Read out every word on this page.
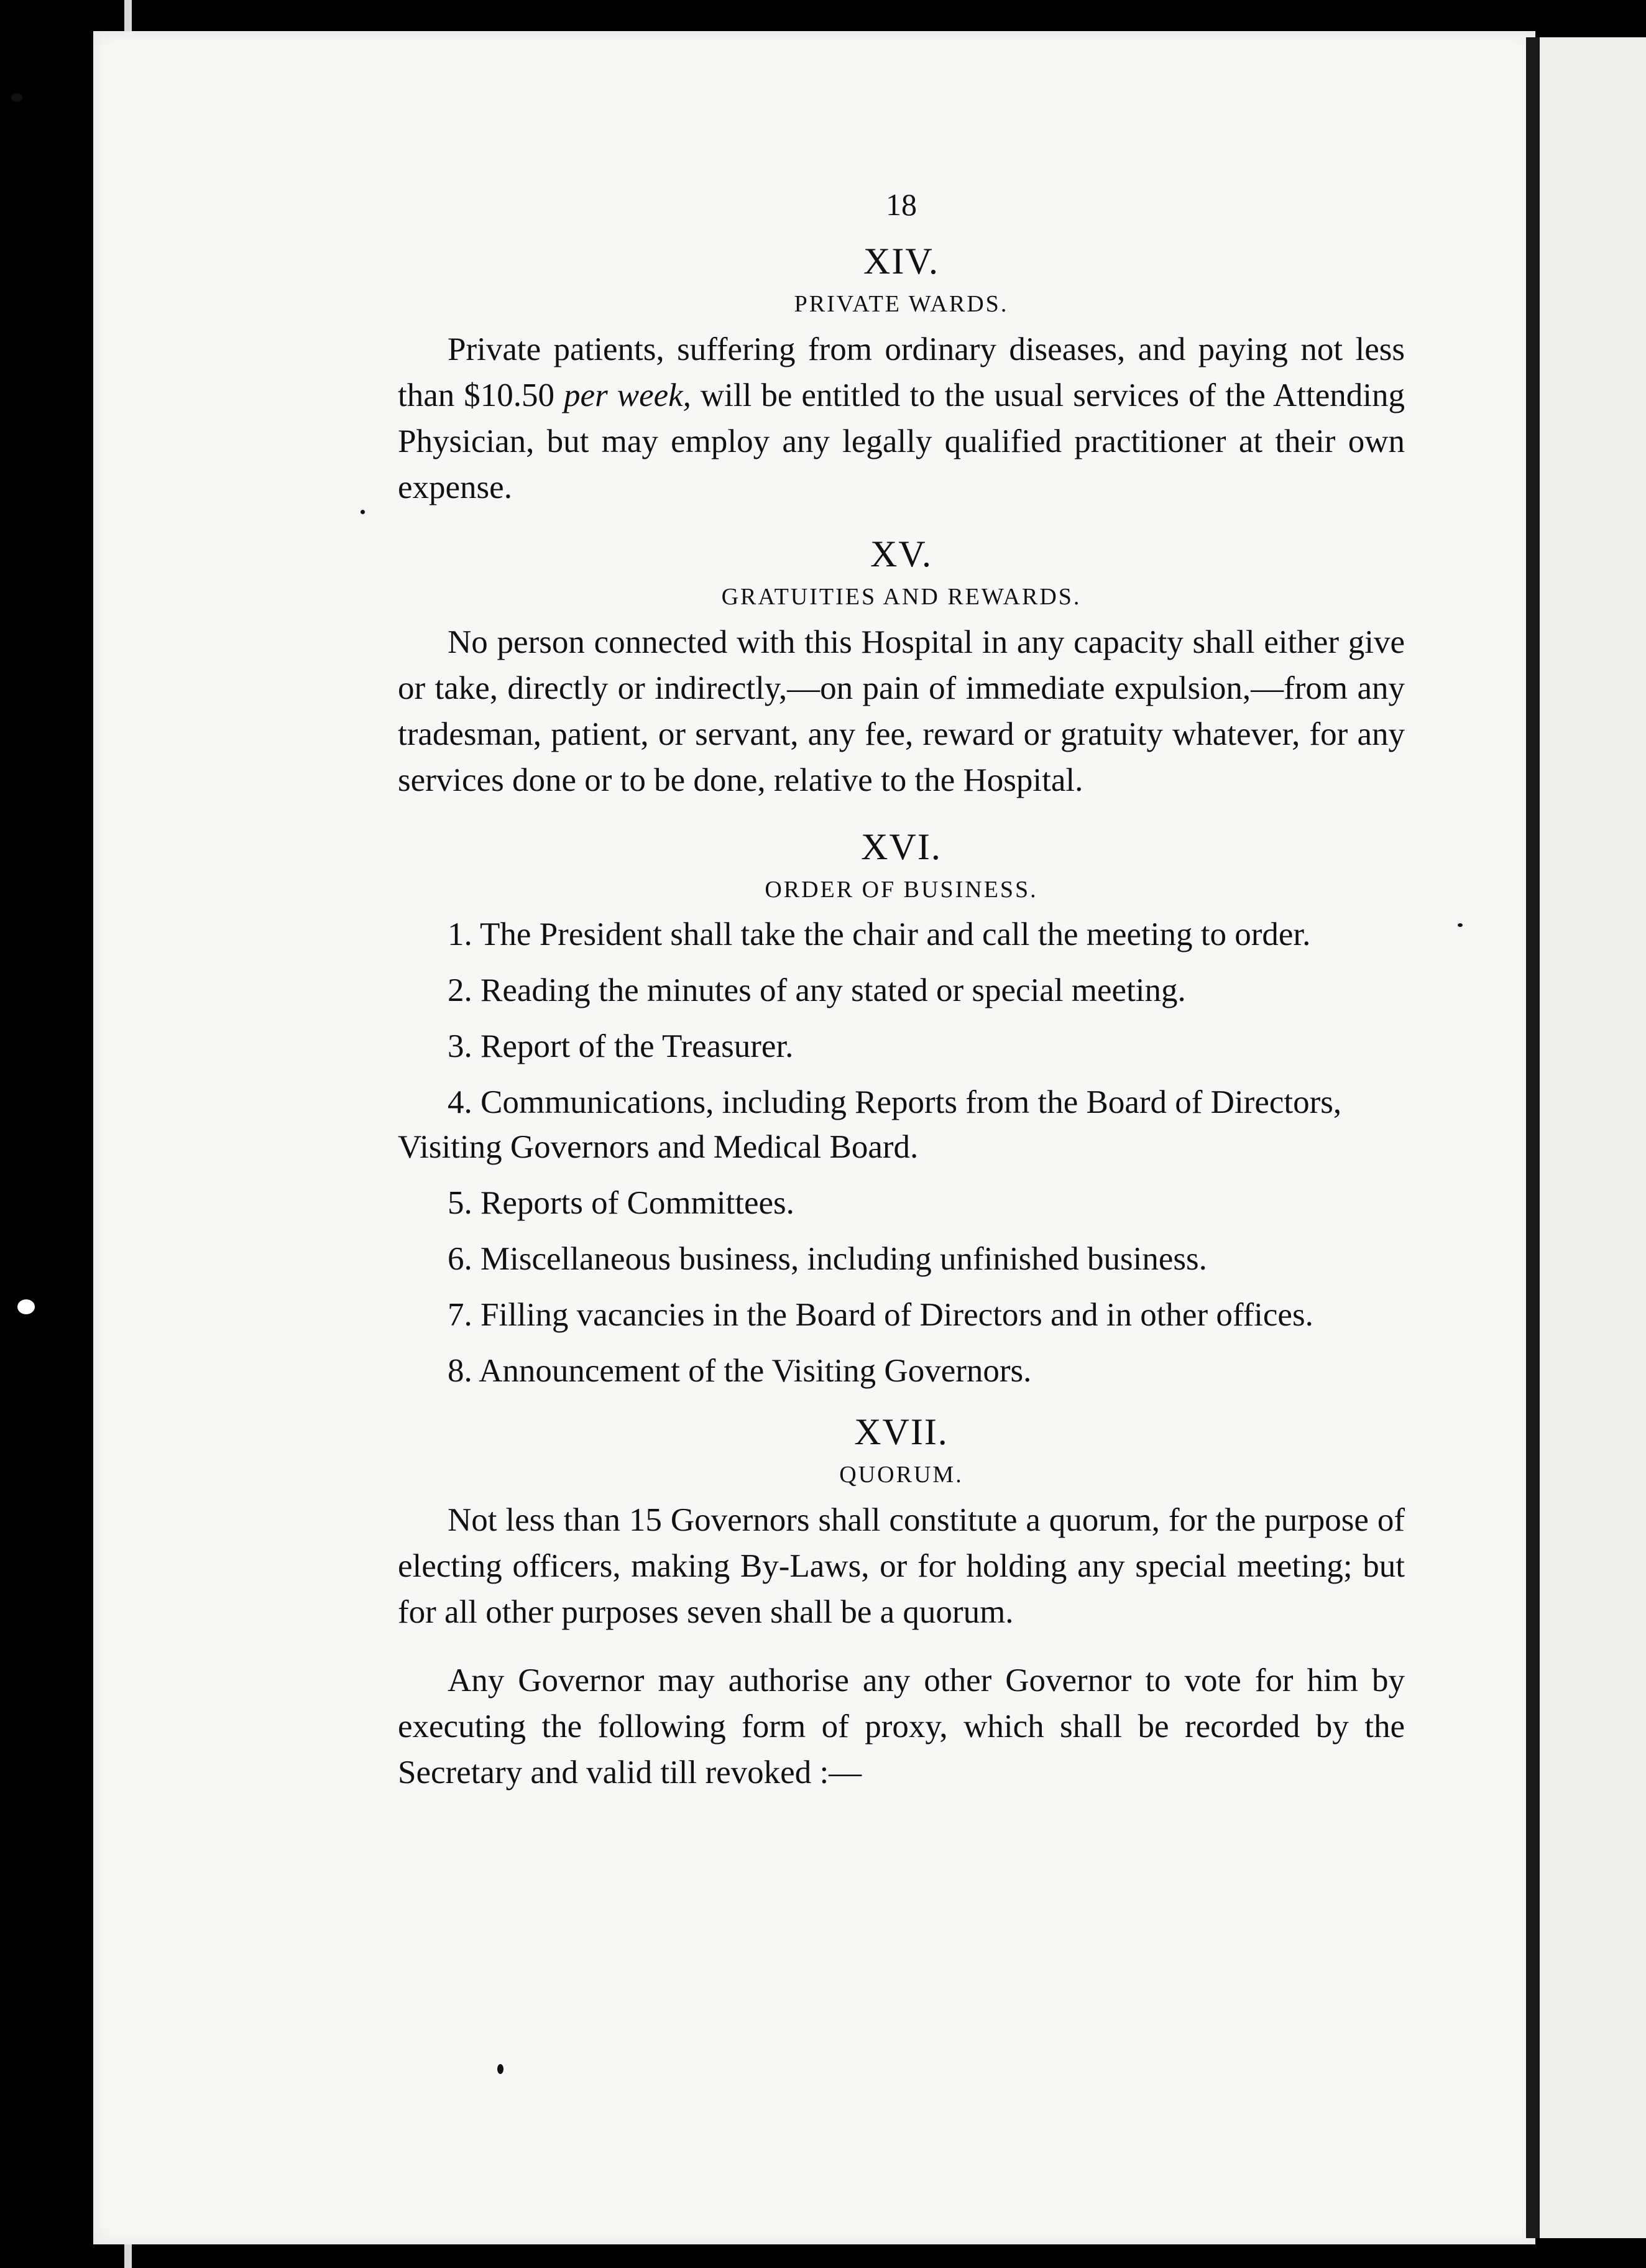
18
XIV.
PRIVATE WARDS.

Private patients, suffering from ordinary diseases, and paying not less than $10.50 per week, will be entitled to the usual services of the Attending Physician, but may employ any legally qualified practitioner at their own expense.

XV.
GRATUITIES AND REWARDS.

No person connected with this Hospital in any capacity shall either give or take, directly or indirectly,—on pain of immediate expulsion,—from any tradesman, patient, or servant, any fee, reward or gratuity whatever, for any services done or to be done, relative to the Hospital.

XVI.
ORDER OF BUSINESS.

1. The President shall take the chair and call the meeting to order.

2. Reading the minutes of any stated or special meeting.

3. Report of the Treasurer.

4. Communications, including Reports from the Board of Directors, Visiting Governors and Medical Board.

5. Reports of Committees.

6. Miscellaneous business, including unfinished business.

7. Filling vacancies in the Board of Directors and in other offices.

8. Announcement of the Visiting Governors.

XVII.
QUORUM.

Not less than 15 Governors shall constitute a quorum, for the purpose of electing officers, making By-Laws, or for holding any special meeting; but for all other purposes seven shall be a quorum.

Any Governor may authorise any other Governor to vote for him by executing the following form of proxy, which shall be recorded by the Secretary and valid till revoked :—
